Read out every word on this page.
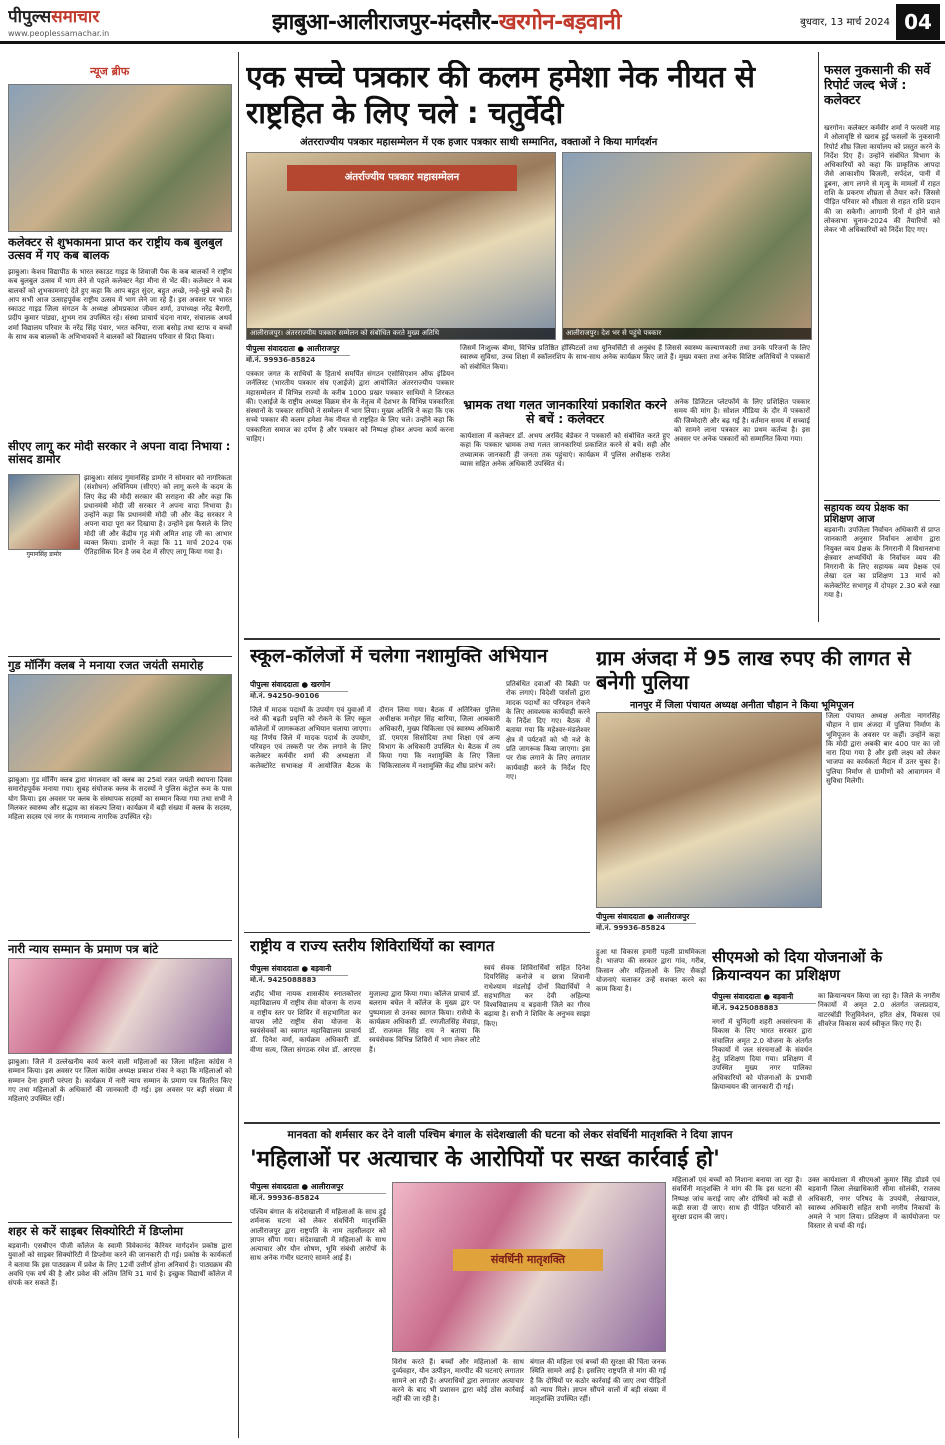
पीपुल्ससमाचार
www.peoplessamachar.in	झाबुआ-आलीराजपुर-मंदसौर-खरगोन-बड़वानी	बुधवार, 13 मार्च 2024 04
न्यूज ब्रीफ
कलेक्टर से शुभकामना प्राप्त कर राष्ट्रीय कब बुलबुल उत्सव में गए कब बालक
झाबुआ। केशव विद्यापीठ के भारत स्काउट गाइड के शिवाजी पैक के कब बालकों ने राष्ट्रीय कब बुलबुल उत्सव में भाग लेने से पहले कलेक्टर नेहा मीना से भेंट की। कलेक्टर ने कब बालकों को शुभकामनाएं देते हुए कहा कि आप बहुत सुंदर, बहुत अच्छे, नन्हे-मुन्ने बच्चे हैं। आप सभी आज उत्साहपूर्वक राष्ट्रीय उत्सव में भाग लेने जा रहे हैं। इस अवसर पर भारत स्काउट गाइड जिला संगठन के अध्यक्ष ओमप्रकाश जीवन शर्मा, उपाध्यक्ष नरेंद्र बैरागी, प्रदीप कुमार पांड्या, शुभम राव उपस्थित रहे। संस्था प्राचार्य चंदना नायर, संचालक अथर्व शर्मा विद्यालय परिवार के नरेंद्र सिंह पंवार, भरत कनिया, राजा बसोड़ तथा स्टाफ व बच्चों के साथ कब बालकों के अभिभावकों ने बालकों को विद्यालय परिवार से विदा किया।
सीएए लागू कर मोदी सरकार ने अपना वादा निभाया : सांसद डामोर
गुमानसिंह डामोर
झाबुआ। सांसद गुमानसिंह डामोर ने सोमवार को नागरिकता (संशोधन) अधिनियम (सीएए) को लागू करने के कदम के लिए केंद्र की मोदी सरकार की सराहना की और कहा कि प्रधानमंत्री मोदी जी सरकार ने अपना वादा निभाया है। उन्होंने कहा कि प्रधानमंत्री मोदी जी और केंद्र सरकार ने अपना वादा पूरा कर दिखाया है। उन्होंने इस फैसले के लिए मोदी जी और केंद्रीय गृह मंत्री अमित शाह जी का आभार व्यक्त किया। डामोर ने कहा कि 11 मार्च 2024 एक ऐतिहासिक दिन है जब देश में सीएए लागू किया गया है।
गुड मॉर्निंग क्लब ने मनाया रजत जयंती समारोह
झाबुआ। गुड मॉर्निंग क्लब द्वारा मंगलवार को क्लब का 25वां रजत जयंती स्थापना दिवस समारोहपूर्वक मनाया गया। सुबह संयोजक क्लब के सदस्यों ने पुलिस कंट्रोल रूम के पास योग किया। इस अवसर पर क्लब के संस्थापक सदस्यों का सम्मान किया गया तथा सभी ने मिलकर स्वास्थ्य और सद्भाव का संकल्प लिया। कार्यक्रम में बड़ी संख्या में क्लब के सदस्य, महिला सदस्य एवं नगर के गणमान्य नागरिक उपस्थित रहे।
नारी न्याय सम्मान के प्रमाण पत्र बांटे
झाबुआ। जिले में उल्लेखनीय कार्य करने वाली महिलाओं का जिला महिला कांग्रेस ने सम्मान किया। इस अवसर पर जिला कांग्रेस अध्यक्ष प्रकाश रांका ने कहा कि महिलाओं को सम्मान देना हमारी परंपरा है। कार्यक्रम में नारी न्याय सम्मान के प्रमाण पत्र वितरित किए गए तथा महिलाओं के अधिकारों की जानकारी दी गई। इस अवसर पर बड़ी संख्या में महिलाएं उपस्थित रहीं।
शहर से करें साइबर सिक्योरिटी में डिप्लोमा
बड़वानी। एसबीएन पीजी कॉलेज के स्वामी विवेकानंद कैरियर मार्गदर्शन प्रकोष्ठ द्वारा युवाओं को साइबर सिक्योरिटी में डिप्लोमा करने की जानकारी दी गई। प्रकोष्ठ के कार्यकर्ता ने बताया कि इस पाठ्यक्रम में प्रवेश के लिए 12वीं उत्तीर्ण होना अनिवार्य है। पाठ्यक्रम की अवधि एक वर्ष की है और प्रवेश की अंतिम तिथि 31 मार्च है। इच्छुक विद्यार्थी कॉलेज में संपर्क कर सकते हैं।
एक सच्चे पत्रकार की कलम हमेशा नेक नीयत से राष्ट्रहित के लिए चले : चतुर्वेदी
अंतरराज्यीय पत्रकार महासम्मेलन में एक हजार पत्रकार साथी सम्मानित, वक्ताओं ने किया मार्गदर्शन
अंतर्राज्यीय पत्रकार महासम्मेलन
आलीराजपुर। अंतरराज्यीय पत्रकार सम्मेलन को संबोधित करते मुख्य अतिथि	आलीराजपुर। देश भर से पहुंचे पत्रकार
पीपुल्स संवाददाता ● आलीराजपुर
मो.नं. 99936-85824
पत्रकार जगत के साथियों के हितार्थ समर्पित संगठन एसोसिएशन ऑफ इंडियन जर्नलिस्ट (भारतीय पत्रकार संघ एआईजे) द्वारा आयोजित अंतरराज्यीय पत्रकार महासम्मेलन में विभिन्न राज्यों के करीब 1000 प्रखर पत्रकार साथियों ने शिरकत की। एआईजे के राष्ट्रीय अध्यक्ष विक्रम सेन के नेतृत्व में देशभर के विभिन्न पत्रकारिता संस्थानों के पत्रकार साथियों ने सम्मेलन में भाग लिया। मुख्य अतिथि ने कहा कि एक सच्चे पत्रकार की कलम हमेशा नेक नीयत से राष्ट्रहित के लिए चले। उन्होंने कहा कि पत्रकारिता समाज का दर्पण है और पत्रकार को निष्पक्ष होकर अपना कार्य करना चाहिए।
जिसमें निःशुल्क बीमा, विभिन्न प्रतिष्ठित हॉस्पिटलों तथा यूनिवर्सिटी से अनुबंध हैं जिससे स्वास्थ्य कल्याणकारी तथा उनके परिजनों के लिए स्वास्थ्य सुविधा, उच्च शिक्षा में स्कॉलरशिप के साथ-साथ अनेक कार्यक्रम किए जाते हैं। मुख्य वक्ता तथा अनेक विशिष्ट अतिथियों ने पत्रकारों को संबोधित किया।
भ्रामक तथा गलत जानकारियां प्रकाशित करने से बचें : कलेक्टर
कार्यशाला में कलेक्टर डॉ. अभय अरविंद बेडेकर ने पत्रकारों को संबोधित करते हुए कहा कि पत्रकार भ्रामक तथा गलत जानकारियां प्रकाशित करने से बचें। सही और तथ्यात्मक जानकारी ही जनता तक पहुंचाएं। कार्यक्रम में पुलिस अधीक्षक राजेश व्यास सहित अनेक अधिकारी उपस्थित थे।
अनेक डिजिटल प्लेटफॉर्म के लिए प्रशिक्षित पत्रकार समय की मांग है। सोशल मीडिया के दौर में पत्रकारों की जिम्मेदारी और बढ़ गई है। वर्तमान समय में सच्चाई को सामने लाना पत्रकार का प्रथम कर्तव्य है। इस अवसर पर अनेक पत्रकारों को सम्मानित किया गया।
फसल नुकसानी की सर्वे रिपोर्ट जल्द भेजें : कलेक्टर
खरगोन। कलेक्टर कर्मवीर शर्मा ने फरवरी माह में ओलावृष्टि से खराब हुई फसलों के नुकसानी रिपोर्ट शीघ्र जिला कार्यालय को प्रस्तुत करने के निर्देश दिए हैं। उन्होंने संबंधित विभाग के अधिकारियों को कहा कि प्राकृतिक आपदा जैसे आकाशीय बिजली, सर्पदंश, पानी में डूबना, आग लगने से मृत्यु के मामलों में राहत राशि के प्रकरण शीघ्रता से तैयार करें। जिससे पीड़ित परिवार को शीघ्रता से राहत राशि प्रदान की जा सकेगी। आगामी दिनों में होने वाले लोकसभा चुनाव-2024 की तैयारियों को लेकर भी अधिकारियों को निर्देश दिए गए।
सहायक व्यय प्रेक्षक का प्रशिक्षण आज
बड़वानी। उपजिला निर्वाचन अधिकारी से प्राप्त जानकारी अनुसार निर्वाचन आयोग द्वारा नियुक्त व्यय प्रेक्षक के निगरानी में विधानसभा क्षेत्रवार अभ्यर्थियों के निर्वाचन व्यय की निगरानी के लिए सहायक व्यय प्रेक्षक एवं लेखा दल का प्रशिक्षण 13 मार्च को कलेक्टोरेट सभागृह में दोपहर 2.30 बजे रखा गया है।
स्कूल-कॉलेजों में चलेगा नशामुक्ति अभियान
पीपुल्स संवाददाता ● खरगोन
मो.नं. 94250-90106
जिले में मादक पदार्थों के उपयोग एवं युवाओं में नशे की बढ़ती प्रवृत्ति को रोकने के लिए स्कूल कॉलेजों में जागरूकता अभियान चलाया जाएगा। यह निर्णय जिले में मादक पदार्थ के उपयोग, परिवहन एवं तस्करी पर रोक लगाने के लिए कलेक्टर कर्मवीर शर्मा की अध्यक्षता में कलेक्टोरेट सभाकक्ष में आयोजित बैठक के दौरान लिया गया। बैठक में अतिरिक्त पुलिस अधीक्षक मनोहर सिंह बारिया, जिला आबकारी अधिकारी, मुख्य चिकित्सा एवं स्वास्थ्य अधिकारी डॉ. एमएस सिसोदिया तथा शिक्षा एवं अन्य विभाग के अधिकारी उपस्थित थे। बैठक में तय किया गया कि नशामुक्ति के लिए जिला चिकित्सालय में नशामुक्ति केंद्र शीघ्र प्रारंभ करें।
प्रतिबंधित दवाओं की बिक्री पर रोक लगाएं। विदेशी पार्सलों द्वारा मादक पदार्थों का परिवहन रोकने के लिए आवश्यक कार्यवाही करने के निर्देश दिए गए। बैठक में बताया गया कि महेश्वर-मंडलेश्वर क्षेत्र में पर्यटकों को भी नशे के प्रति जागरूक किया जाएगा। इस पर रोक लगाने के लिए लगातार कार्यवाही करने के निर्देश दिए गए।
ग्राम अंजदा में 95 लाख रुपए की लागत से बनेगी पुलिया
नानपुर में जिला पंचायत अध्यक्ष अनीता चौहान ने किया भूमिपूजन
पीपुल्स संवाददाता ● आलीराजपुर
मो.नं. 99936-85824
जिला पंचायत अध्यक्ष अनीता नागरसिंह चौहान ने ग्राम अंजदा में पुलिया निर्माण के भूमिपूजन के अवसर पर कहीं। उन्होंने कहा कि मोदी द्वारा अबकी बार 400 पार का जो नारा दिया गया है और इसी लक्ष्य को लेकर भाजपा का कार्यकर्ता मैदान में उतर चुका है। पुलिया निर्माण से ग्रामीणों को आवागमन में सुविधा मिलेगी।
राष्ट्रीय व राज्य स्तरीय शिविरार्थियों का स्वागत
पीपुल्स संवाददाता ● बड़वानी
मो.नं. 9425088883
शहीद भीमा नायक शासकीय स्नातकोत्तर महाविद्यालय में राष्ट्रीय सेवा योजना के राज्य व राष्ट्रीय स्तर पर शिविर में सहभागिता कर वापस लौटे राष्ट्रीय सेवा योजना के स्वयंसेवकों का स्वागत महाविद्यालय प्राचार्य डॉ. दिनेश वर्मा, कार्यक्रम अधिकारी डॉ. वीणा सत्य, जिला संगठक रमेश डॉ. आरएस मुजाल्दा द्वारा किया गया। कॉलेज प्राचार्य डॉ. बलराम बघेल ने कॉलेज के मुख्य द्वार पर पुष्पमाला से उनका स्वागत किया। रासेयो के कार्यक्रम अधिकारी डॉ. रणजीतसिंह मेवाड़ा, डॉ. राजमल सिंह राय ने बताया कि स्वयंसेवक विभिन्न शिविरों में भाग लेकर लौटे हैं।
स्वयं सेवक शिविरार्थियों सहित दिनेश दियरिसिंह कनोजे व छात्रा शिवानी राधेश्याम मंडलोई दोनों विद्यार्थियों ने सहभागिता कर देवी अहिल्या विश्वविद्यालय व बड़वानी जिले का गौरव बढ़ाया है। सभी ने शिविर के अनुभव साझा किए।
हुआ था विकास हमारी पहली प्राथमिकता है। भाजपा की सरकार द्वारा गांव, गरीब, किसान और महिलाओं के लिए सैकड़ों योजनाएं चलाकर उन्हें सशक्त करने का काम किया है।
सीएमओ को दिया योजनाओं के क्रियान्वयन का प्रशिक्षण
पीपुल्स संवाददाता ● बड़वानी
मो.नं. 9425088883
नगरों में चुनिंदगी शहरी अवसंरचना के विकास के लिए भारत सरकार द्वारा संचालित अमृत 2.0 योजना के अंतर्गत निकायों में जल संरचनाओं के संवर्धन हेतु प्रशिक्षण दिया गया। प्रशिक्षण में उपस्थित मुख्य नगर पालिका अधिकारियों को योजनाओं के प्रभावी क्रियान्वयन की जानकारी दी गई।
का क्रियान्वयन किया जा रहा है। जिले के नगरीय निकायों में अमृत 2.0 अंतर्गत जलप्रदाय, वाटरबॉडी रिजुविनेशन, हरित क्षेत्र, विकास एवं सीवरेज विकास कार्य स्वीकृत किए गए हैं।
मानवता को शर्मसार कर देने वाली पश्चिम बंगाल के संदेशखाली की घटना को लेकर संवर्धिनी मातृशक्ति ने दिया ज्ञापन
'महिलाओं पर अत्याचार के आरोपियों पर सख्त कार्रवाई हो'
पीपुल्स संवाददाता ● आलीराजपुर
मो.नं. 99936-85824
पश्चिम बंगाल के संदेशखाली में महिलाओं के साथ हुई शर्मनाक घटना को लेकर संवर्धिनी मातृशक्ति आलीराजपुर द्वारा राष्ट्रपति के नाम तहसीलदार को ज्ञापन सौंपा गया। संदेशखाली में महिलाओं के साथ अत्याचार और यौन शोषण, भूमि संबंधी आरोपों के साथ अनेक गंभीर घटनाएं सामने आई हैं।	संवर्धिनी मातृशक्ति
विरोध करते हैं। बच्चों और महिलाओं के साथ दुर्व्यवहार, यौन उत्पीड़न, मारपीट की घटनाएं लगातार सामने आ रही हैं। अपराधियों द्वारा लगातार अत्याचार करने के बाद भी प्रशासन द्वारा कोई ठोस कार्रवाई नहीं की जा रही है।
बंगाल की महिला एवं बच्चों की सुरक्षा की चिंता जनक स्थिति सामने आई है। इसलिए राष्ट्रपति से मांग की गई है कि दोषियों पर कठोर कार्रवाई की जाए तथा पीड़ितों को न्याय मिले। ज्ञापन सौंपने वालों में बड़ी संख्या में मातृशक्ति उपस्थित रहीं।
महिलाओं एवं बच्चों को निशाना बनाया जा रहा है। संवर्धिनी मातृशक्ति ने मांग की कि इस घटना की निष्पक्ष जांच कराई जाए और दोषियों को कड़ी से कड़ी सजा दी जाए। साथ ही पीड़ित परिवारों को सुरक्षा प्रदान की जाए।
उक्त कार्यशाला में सीएमओ कुमार सिंह डोडवे एवं बड़वानी जिला लेखाधिकारी सीमा सोलंकी, राजस्व अधिकारी, नगर परिषद के उपयंत्री, लेखापाल, स्वास्थ्य अधिकारी सहित सभी नगरीय निकायों के अमले ने भाग लिया। प्रशिक्षण में कार्ययोजना पर विस्तार से चर्चा की गई।
